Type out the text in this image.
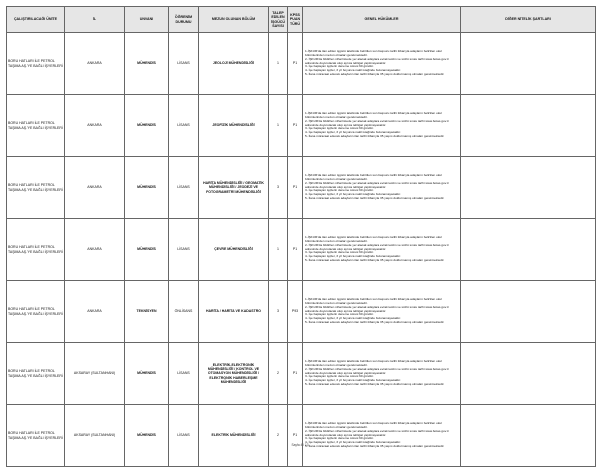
ÇALIŞTIRILACAĞI ÜNİTE	İL	UNVANI	ÖĞRENİM DURUMU	MEZUN OLUNAN BÖLÜM	TALEP EDİLEN İŞGÜCÜ SAYISI	KPSS PUAN TÜRÜ	GENEL HÜKÜMLER	DİĞER NİTELİK ŞARTLARI
BORU HATLARI İLE PETROL TAŞIMA AŞ.'YE BAĞLI İŞYERLERİ	ANKARA	MÜHENDİS	LİSANS	JEOLOJİ MÜHENDİSLİĞİ	1	P1	1-İŞKUR'da ilan edilen işgücü talebinde belirtilen son başvuru tarihi itibarıyla adayların belirtilen okul bölümlerinden mezun olmaları gerekmektedir.
2- İŞKUR'da bildirilen nihai listede yer alacak adaylara evrak teslim ve sözlü sınav tarihi www.botas.gov.tr adresinde duyurulacak olup ayrıca tebligat yapılmayacaktır.
3- İşe başlayan işçilerin deneme süresi 60 gündür.
4- İşe başlayan işçiler, 3 yıl boyunca nakil isteğinde bulunamayacaktır.
5- İlana müracaat edecek adayların ilan tarihi itibarıyla 35 yaşını doldurmamış olmaları gerekmektedir.	
BORU HATLARI İLE PETROL TAŞIMA AŞ.'YE BAĞLI İŞYERLERİ	ANKARA	MÜHENDİS	LİSANS	JEOFİZİK MÜHENDİSLİĞİ	1	P1	1-İŞKUR'da ilan edilen işgücü talebinde belirtilen son başvuru tarihi itibarıyla adayların belirtilen okul bölümlerinden mezun olmaları gerekmektedir.
2- İŞKUR'da bildirilen nihai listede yer alacak adaylara evrak teslim ve sözlü sınav tarihi www.botas.gov.tr adresinde duyurulacak olup ayrıca tebligat yapılmayacaktır.
3- İşe başlayan işçilerin deneme süresi 60 gündür.
4- İşe başlayan işçiler, 3 yıl boyunca nakil isteğinde bulunamayacaktır.
5- İlana müracaat edecek adayların ilan tarihi itibarıyla 35 yaşını doldurmamış olmaları gerekmektedir.	
BORU HATLARI İLE PETROL TAŞIMA AŞ.'YE BAĞLI İŞYERLERİ	ANKARA	MÜHENDİS	LİSANS	HARİTA MÜHENDİSLİĞİ / GEOMATİK MÜHENDİSLİĞİ / JEODEZİ VE FOTOGRAMETRİ MÜHENDİSLİĞİ	3	P1	1-İŞKUR'da ilan edilen işgücü talebinde belirtilen son başvuru tarihi itibarıyla adayların belirtilen okul bölümlerinden mezun olmaları gerekmektedir.
2- İŞKUR'da bildirilen nihai listede yer alacak adaylara evrak teslim ve sözlü sınav tarihi www.botas.gov.tr adresinde duyurulacak olup ayrıca tebligat yapılmayacaktır.
3- İşe başlayan işçilerin deneme süresi 60 gündür.
4- İşe başlayan işçiler, 3 yıl boyunca nakil isteğinde bulunamayacaktır.
5- İlana müracaat edecek adayların ilan tarihi itibarıyla 35 yaşını doldurmamış olmaları gerekmektedir.	
BORU HATLARI İLE PETROL TAŞIMA AŞ.'YE BAĞLI İŞYERLERİ	ANKARA	MÜHENDİS	LİSANS	ÇEVRE MÜHENDİSLİĞİ	1	P1	1-İŞKUR'da ilan edilen işgücü talebinde belirtilen son başvuru tarihi itibarıyla adayların belirtilen okul bölümlerinden mezun olmaları gerekmektedir.
2- İŞKUR'da bildirilen nihai listede yer alacak adaylara evrak teslim ve sözlü sınav tarihi www.botas.gov.tr adresinde duyurulacak olup ayrıca tebligat yapılmayacaktır.
3- İşe başlayan işçilerin deneme süresi 60 gündür.
4- İşe başlayan işçiler, 3 yıl boyunca nakil isteğinde bulunamayacaktır.
5- İlana müracaat edecek adayların ilan tarihi itibarıyla 35 yaşını doldurmamış olmaları gerekmektedir.	
BORU HATLARI İLE PETROL TAŞIMA AŞ.'YE BAĞLI İŞYERLERİ	ANKARA	TEKNİSYEN	ÖNLİSANS	HARİTA / HARİTA VE KADASTRO	3	P93	1-İŞKUR'da ilan edilen işgücü talebinde belirtilen son başvuru tarihi itibarıyla adayların belirtilen okul bölümlerinden mezun olmaları gerekmektedir.
2- İŞKUR'da bildirilen nihai listede yer alacak adaylara evrak teslim ve sözlü sınav tarihi www.botas.gov.tr adresinde duyurulacak olup ayrıca tebligat yapılmayacaktır.
3- İşe başlayan işçilerin deneme süresi 60 gündür.
4- İşe başlayan işçiler, 3 yıl boyunca nakil isteğinde bulunamayacaktır.
5- İlana müracaat edecek adayların ilan tarihi itibarıyla 35 yaşını doldurmamış olmaları gerekmektedir.	
BORU HATLARI İLE PETROL TAŞIMA AŞ.'YE BAĞLI İŞYERLERİ	AKSARAY (SULTANHANI)	MÜHENDİS	LİSANS	ELEKTRİK-ELEKTRONİK MÜHENDİSLİĞİ / KONTROL VE OTOMASYON MÜHENDİSLİĞİ / ELEKTRONİK HABERLEŞME MÜHENDİSLİĞİ	2	P1	1-İŞKUR'da ilan edilen işgücü talebinde belirtilen son başvuru tarihi itibarıyla adayların belirtilen okul bölümlerinden mezun olmaları gerekmektedir.
2- İŞKUR'da bildirilen nihai listede yer alacak adaylara evrak teslim ve sözlü sınav tarihi www.botas.gov.tr adresinde duyurulacak olup ayrıca tebligat yapılmayacaktır.
3- İşe başlayan işçilerin deneme süresi 60 gündür.
4- İşe başlayan işçiler, 3 yıl boyunca nakil isteğinde bulunamayacaktır.
5- İlana müracaat edecek adayların ilan tarihi itibarıyla 35 yaşını doldurmamış olmaları gerekmektedir.	
BORU HATLARI İLE PETROL TAŞIMA AŞ.'YE BAĞLI İŞYERLERİ	AKSARAY (SULTANHANI)	MÜHENDİS	LİSANS	ELEKTRİK MÜHENDİSLİĞİ	2	P1	1-İŞKUR'da ilan edilen işgücü talebinde belirtilen son başvuru tarihi itibarıyla adayların belirtilen okul bölümlerinden mezun olmaları gerekmektedir.
2- İŞKUR'da bildirilen nihai listede yer alacak adaylara evrak teslim ve sözlü sınav tarihi www.botas.gov.tr adresinde duyurulacak olup ayrıca tebligat yapılmayacaktır.
3- İşe başlayan işçilerin deneme süresi 60 gündür.
4- İşe başlayan işçiler, 3 yıl boyunca nakil isteğinde bulunamayacaktır.
5- İlana müracaat edecek adayların ilan tarihi itibarıyla 35 yaşını doldurmamış olmaları gerekmektedir.	
Sayfa 4 / 13
